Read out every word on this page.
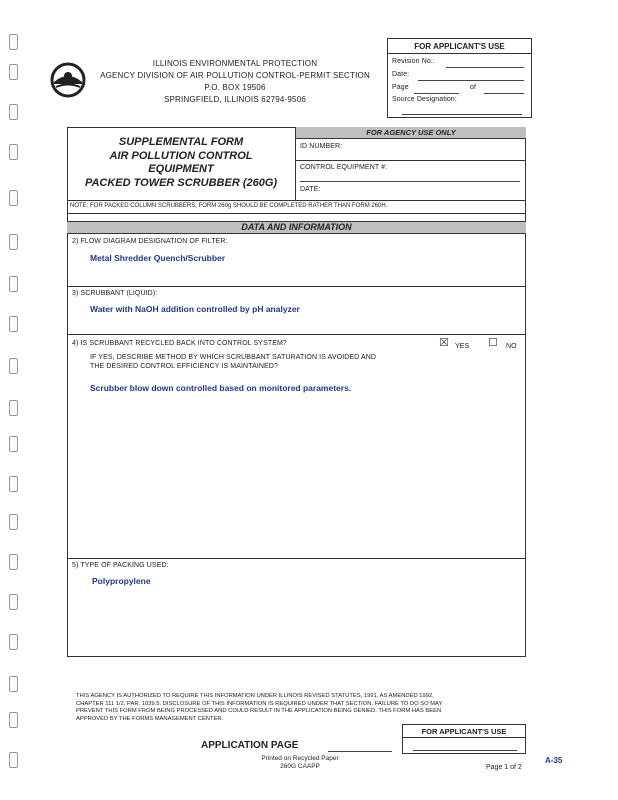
ILLINOIS ENVIRONMENTAL PROTECTION
AGENCY DIVISION OF AIR POLLUTION CONTROL-PERMIT SECTION
P.O. BOX 19506
SPRINGFIELD, ILLINOIS 62794-9506
FOR APPLICANT'S USE
Revision No.:
Date:
Page	of
Source Designation:
SUPPLEMENTAL FORM
AIR POLLUTION CONTROL
EQUIPMENT
PACKED TOWER SCRUBBER (260G)
FOR AGENCY USE ONLY
ID NUMBER:
CONTROL EQUIPMENT #:
DATE:
NOTE: FOR PACKED COLUMN SCRUBBERS, FORM 260g SHOULD BE COMPLETED RATHER THAN FORM 260H.
DATA AND INFORMATION
2) FLOW DIAGRAM DESIGNATION OF FILTER:
Metal Shredder Quench/Scrubber
3) SCRUBBANT (LIQUID):
Water with NaOH addition controlled by pH analyzer
4) IS SCRUBBANT RECYCLED BACK INTO CONTROL SYSTEM?	☒ YES ☐ NO
IF YES, DESCRIBE METHOD BY WHICH SCRUBBANT SATURATION IS AVOIDED AND
THE DESIRED CONTROL EFFICIENCY IS MAINTAINED?
Scrubber blow down controlled based on monitored parameters.
5) TYPE OF PACKING USED:
Polypropylene
THIS AGENCY IS AUTHORIZED TO REQUIRE THIS INFORMATION UNDER ILLINOIS REVISED STATUTES, 1991, AS AMENDED 1992,
CHAPTER 111 1/2, PAR. 1039.5. DISCLOSURE OF THIS INFORMATION IS REQUIRED UNDER THAT SECTION. FAILURE TO DO SO MAY
PREVENT THIS FORM FROM BEING PROCESSED AND COULD RESULT IN THE APPLICATION BEING DENIED. THIS FORM HAS BEEN
APPROVED BY THE FORMS MANAGEMENT CENTER.
APPLICATION PAGE
FOR APPLICANT'S USE
A-35
Printed on Recycled Paper
260G CAAPP	Page 1 of 2
